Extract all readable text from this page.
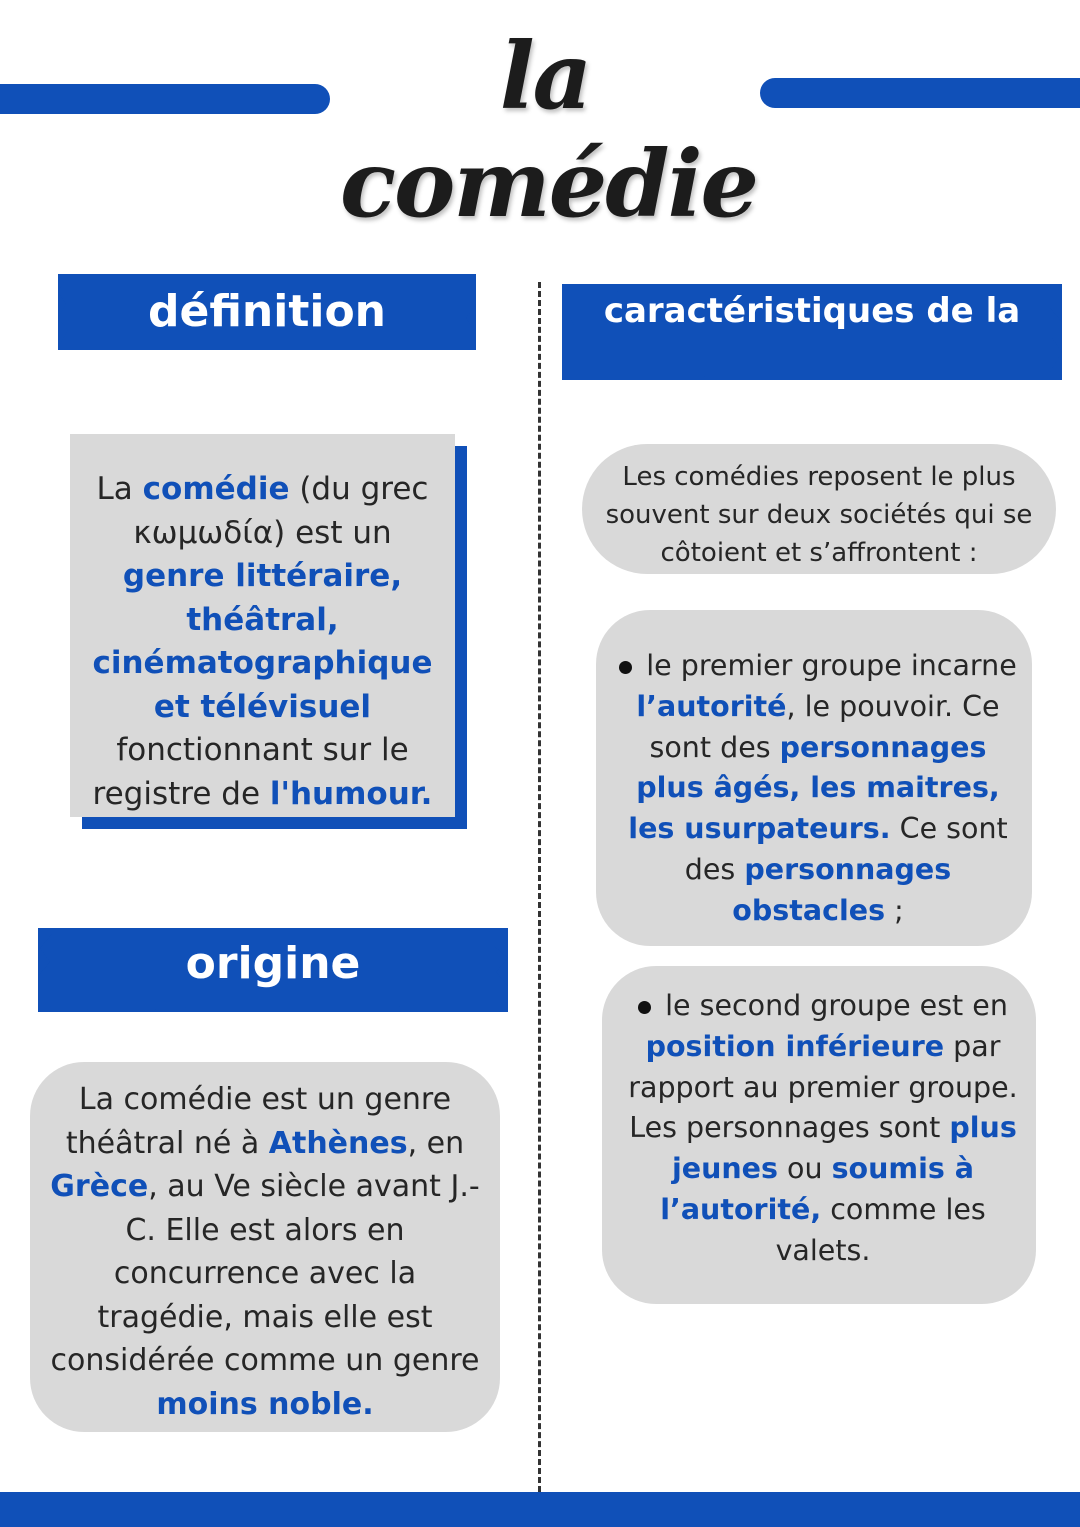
la comédie
définition
La comédie (du grec κωμωδία) est un genre littéraire, théâtral, cinématographique et télévisuel fonctionnant sur le registre de l'humour.
origine
La comédie est un genre théâtral né à Athènes, en Grèce, au Ve siècle avant J.-C. Elle est alors en concurrence avec la tragédie, mais elle est considérée comme un genre moins noble.
caractéristiques de la

comédie
Les comédies reposent le plus souvent sur deux sociétés qui se côtoient et s’affrontent :
le premier groupe incarne l’autorité, le pouvoir. Ce sont des personnages plus âgés, les maitres, les usurpateurs. Ce sont des personnages obstacles ;
le second groupe est en position inférieure par rapport au premier groupe. Les personnages sont plus jeunes ou soumis à l’autorité, comme les valets.
